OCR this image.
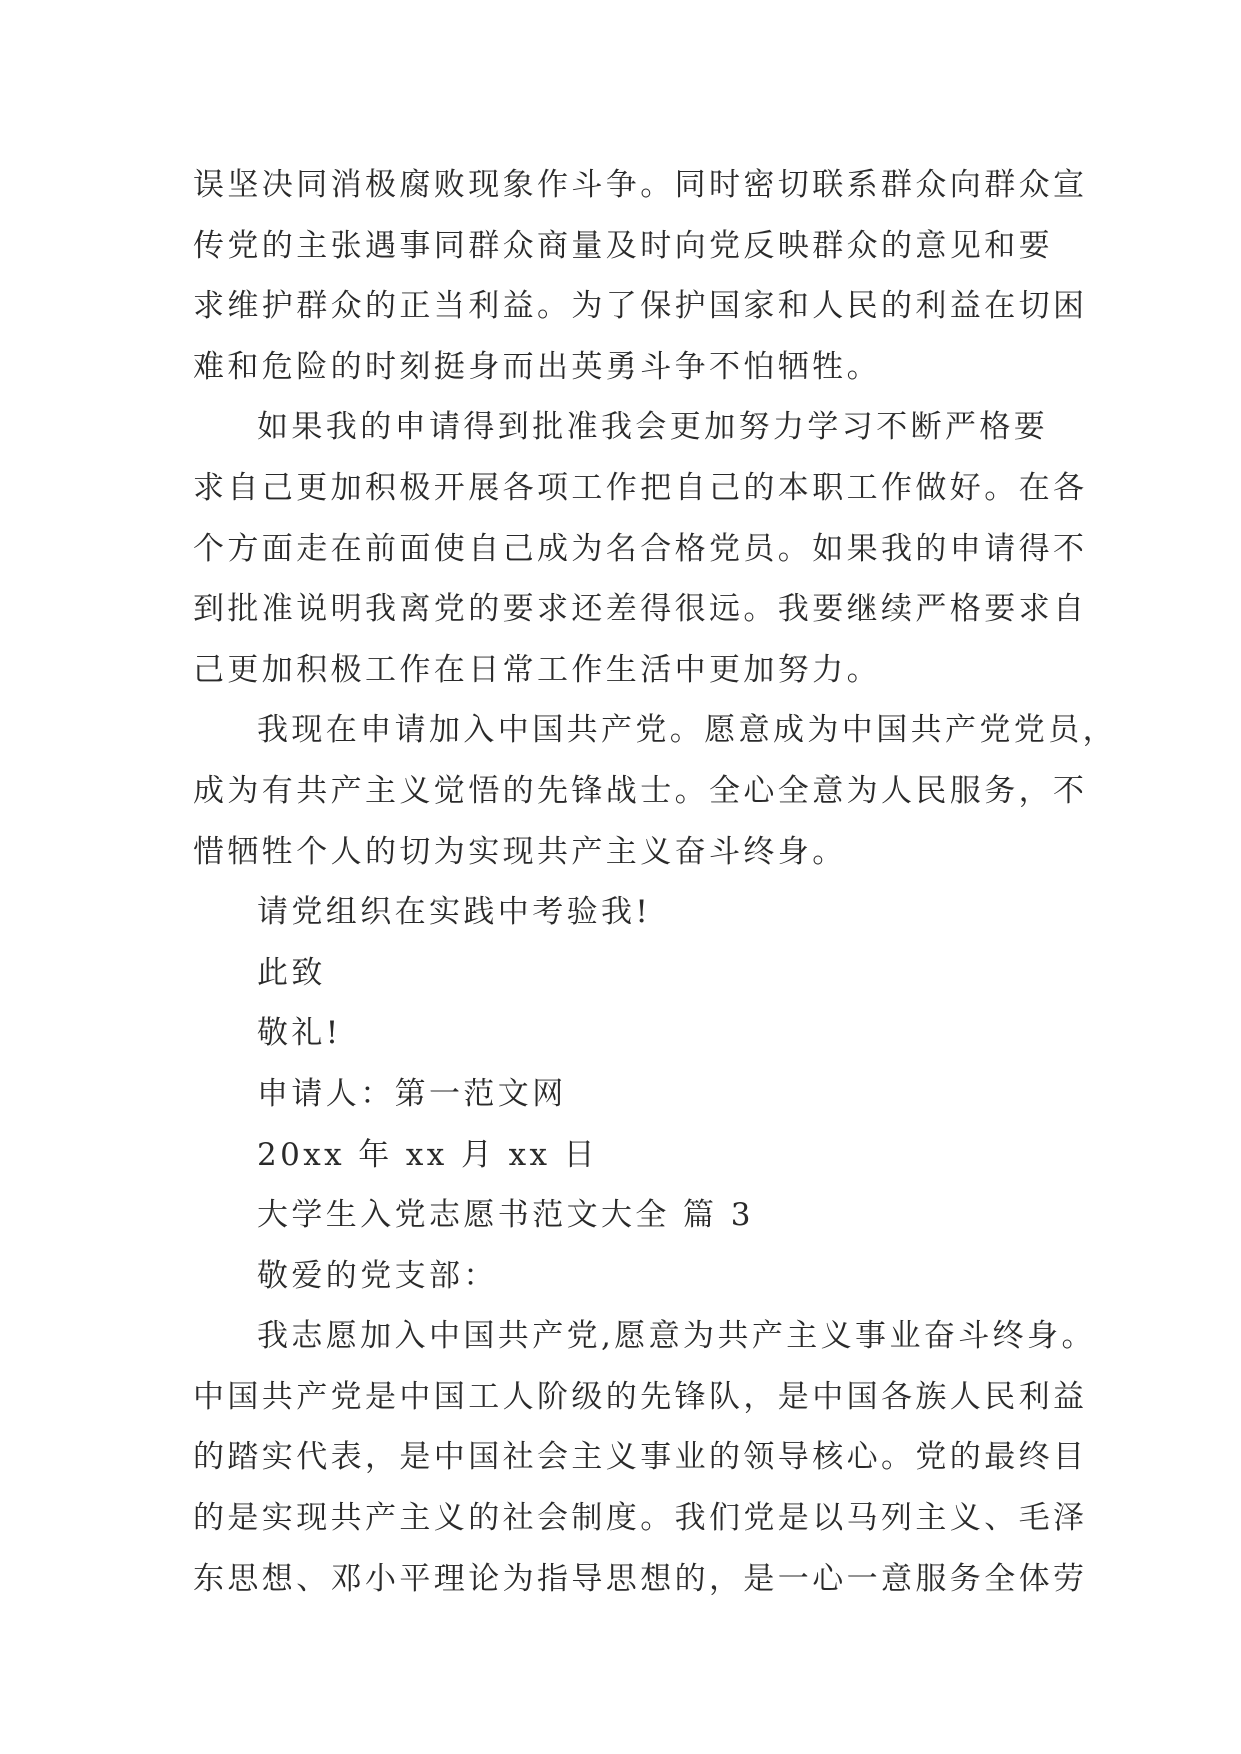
误坚决同消极腐败现象作斗争。同时密切联系群众向群众宣
传党的主张遇事同群众商量及时向党反映群众的意见和要
求维护群众的正当利益。为了保护国家和人民的利益在切困
难和危险的时刻挺身而出英勇斗争不怕牺牲。
如果我的申请得到批准我会更加努力学习不断严格要
求自己更加积极开展各项工作把自己的本职工作做好。在各
个方面走在前面使自己成为名合格党员。如果我的申请得不
到批准说明我离党的要求还差得很远。我要继续严格要求自
己更加积极工作在日常工作生活中更加努力。
我现在申请加入中国共产党。愿意成为中国共产党党员，
成为有共产主义觉悟的先锋战士。全心全意为人民服务，不
惜牺牲个人的切为实现共产主义奋斗终身。
请党组织在实践中考验我!
此致
敬礼!
申请人：第一范文网
20xx 年 xx 月 xx 日
大学生入党志愿书范文大全 篇 3
敬爱的党支部：
我志愿加入中国共产党,愿意为共产主义事业奋斗终身。
中国共产党是中国工人阶级的先锋队，是中国各族人民利益
的踏实代表，是中国社会主义事业的领导核心。党的最终目
的是实现共产主义的社会制度。我们党是以马列主义、毛泽
东思想、邓小平理论为指导思想的，是一心一意服务全体劳
